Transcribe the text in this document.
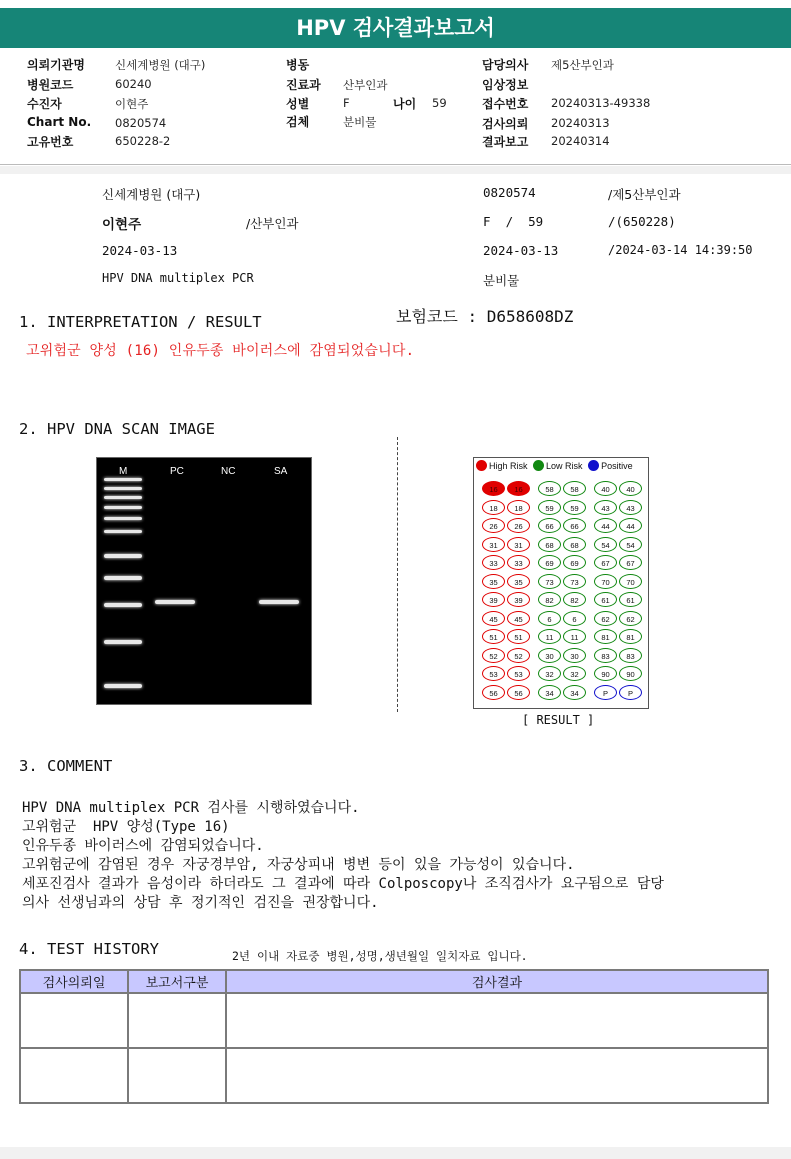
HPV 검사결과보고서
의뢰기관명	신세계병원 (대구)
병원코드	60240
수진자	이현주
Chart No. 0820574
고유번호	650228-2
병동
진료과 산부인과
성별	F	나이 59
검체	분비물
담당의사 제5산부인과
임상정보
접수번호 20240313-49338
검사의뢰 20240313
결과보고 20240314
신세계병원 (대구)	0820574	/제5산부인과
이현주	/산부인과	F  /  59	/(650228)
2024-03-13	2024-03-13	/2024-03-14 14:39:50
HPV DNA multiplex PCR	분비물
1. INTERPRETATION / RESULT	보험코드 : D658608DZ
고위험군 양성 (16) 인유두종 바이러스에 감염되었습니다.
2. HPV DNA SCAN IMAGE
M	PC	NC	SA	High Risk Low Risk Positive
16	16	58	58	40	40
18	18	59	59	43	43
26	26	66	66	44	44
31	31	68	68	54	54
33	33	69	69	67	67
35	35	73	73	70	70
39	39	82	82	61	61
45	45	6	6	62	62
51	51	11	11	81	81
52	52	30	30	83	83
53	53	32	32	90	90
56	56	34	34	P	P
[ RESULT ]
3. COMMENT
HPV DNA multiplex PCR 검사를 시행하였습니다.
고위험군  HPV 양성(Type 16)
인유두종 바이러스에 감염되었습니다.
고위험군에 감염된 경우 자궁경부암, 자궁상피내 병변 등이 있을 가능성이 있습니다.
세포진검사 결과가 음성이라 하더라도 그 결과에 따라 Colposcopy나 조직검사가 요구됨으로 담당
의사 선생님과의 상담 후 정기적인 검진을 권장합니다.
4. TEST HISTORY	2년 이내 자료중 병원,성명,생년월일 일치자료 입니다.
검사의뢰일	보고서구분	검사결과
